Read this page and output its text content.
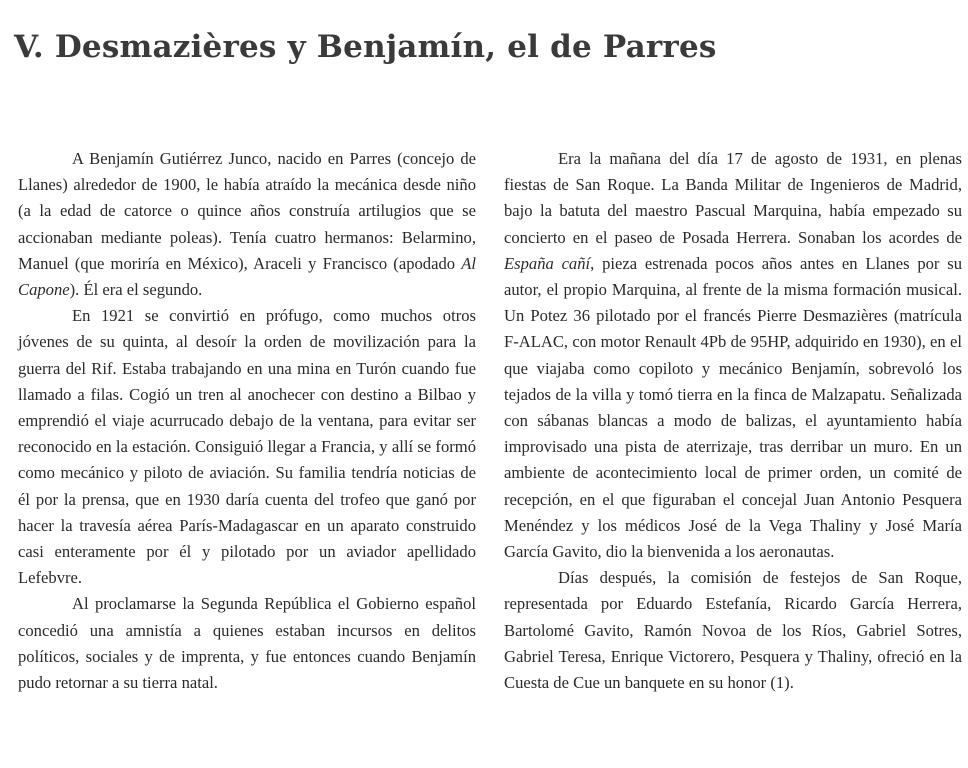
V. Desmazières y Benjamín, el de Parres

A Benjamín Gutiérrez Junco, nacido en Parres (concejo de Llanes) alrededor de 1900, le había atraído la mecánica desde niño (a la edad de catorce o quince años construía artilugios que se accionaban mediante poleas). Tenía cuatro hermanos: Belarmino, Manuel (que moriría en México), Araceli y Francisco (apodado Al Capone). Él era el segundo.

En 1921 se convirtió en prófugo, como muchos otros jóvenes de su quinta, al desoír la orden de movilización para la guerra del Rif. Estaba trabajando en una mina en Turón cuando fue llamado a filas. Cogió un tren al anochecer con destino a Bilbao y emprendió el viaje acurrucado debajo de la ventana, para evitar ser reconocido en la estación. Consiguió llegar a Francia, y allí se formó como mecánico y piloto de aviación. Su familia tendría noticias de él por la prensa, que en 1930 daría cuenta del trofeo que ganó por hacer la travesía aérea París-Madagascar en un aparato construido casi enteramente por él y pilotado por un aviador apellidado Lefebvre.

Al proclamarse la Segunda República el Gobierno español concedió una amnistía a quienes estaban incursos en delitos políticos, sociales y de imprenta, y fue entonces cuando Benjamín pudo retornar a su tierra natal.

Era la mañana del día 17 de agosto de 1931, en plenas fiestas de San Roque. La Banda Militar de Ingenieros de Madrid, bajo la batuta del maestro Pascual Marquina, había empezado su concierto en el paseo de Posada Herrera. Sonaban los acordes de España cañí, pieza estrenada pocos años antes en Llanes por su autor, el propio Marquina, al frente de la misma formación musical. Un Potez 36 pilotado por el francés Pierre Desmazières (matrícula F-ALAC, con motor Renault 4Pb de 95HP, adquirido en 1930), en el que viajaba como copiloto y mecánico Benjamín, sobrevoló los tejados de la villa y tomó tierra en la finca de Malzapatu. Señalizada con sábanas blancas a modo de balizas, el ayuntamiento había improvisado una pista de aterrizaje, tras derribar un muro. En un ambiente de acontecimiento local de primer orden, un comité de recepción, en el que figuraban el concejal Juan Antonio Pesquera Menéndez y los médicos José de la Vega Thaliny y José María García Gavito, dio la bienvenida a los aeronautas.

Días después, la comisión de festejos de San Roque, representada por Eduardo Estefanía, Ricardo García Herrera, Bartolomé Gavito, Ramón Novoa de los Ríos, Gabriel Sotres, Gabriel Teresa, Enrique Victorero, Pesquera y Thaliny, ofreció en la Cuesta de Cue un banquete en su honor (1).
